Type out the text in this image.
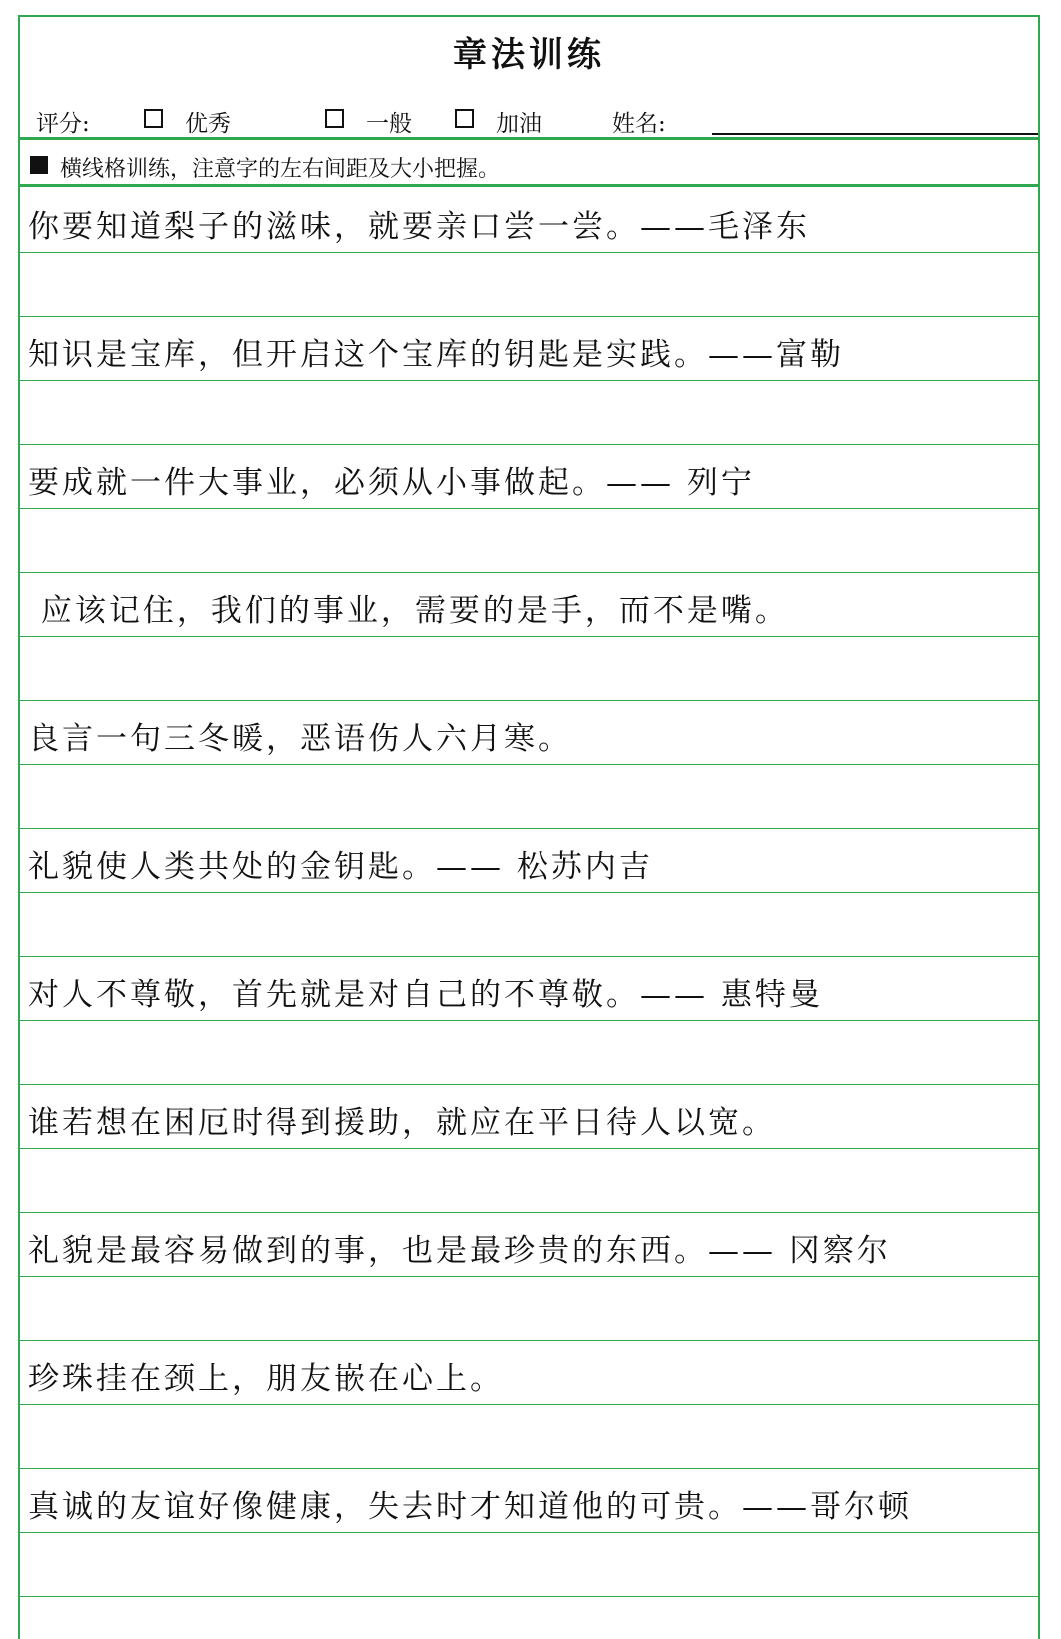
章法训练
评分:	优秀	一般	加油	姓名:
横线格训练，注意字的左右间距及大小把握。
你要知道梨子的滋味，就要亲口尝一尝。——毛泽东
知识是宝库，但开启这个宝库的钥匙是实践。——富勒
要成就一件大事业，必须从小事做起。—— 列宁
应该记住，我们的事业，需要的是手，而不是嘴。
良言一句三冬暖，恶语伤人六月寒。
礼貌使人类共处的金钥匙。—— 松苏内吉
对人不尊敬，首先就是对自己的不尊敬。—— 惠特曼
谁若想在困厄时得到援助，就应在平日待人以宽。
礼貌是最容易做到的事，也是最珍贵的东西。—— 冈察尔
珍珠挂在颈上，朋友嵌在心上。
真诚的友谊好像健康，失去时才知道他的可贵。——哥尔顿
